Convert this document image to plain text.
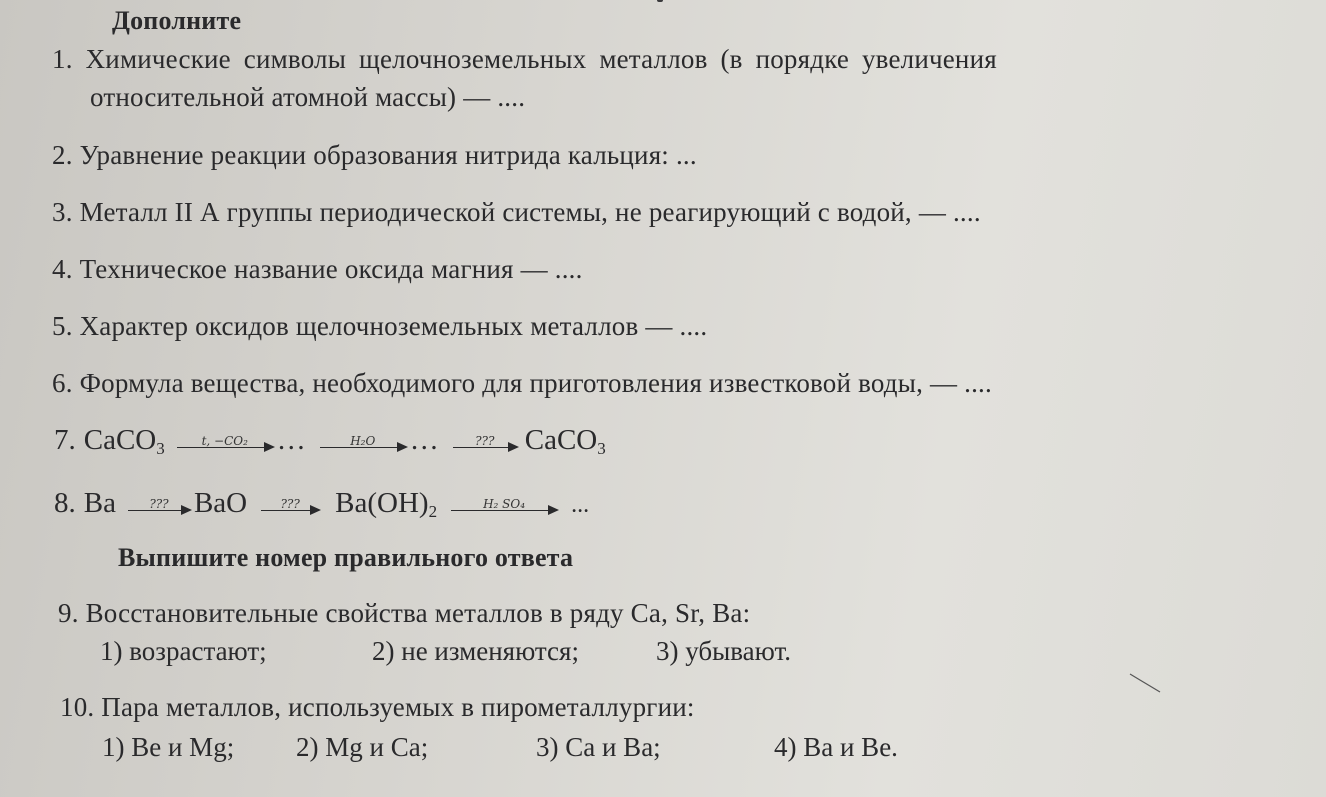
Дополните
1. Химические символы щелочноземельных металлов (в порядке увеличения
относительной атомной массы) — ....
2. Уравнение реакции образования нитрида кальция: ...
3. Металл II А группы периодической системы, не реагирующий с водой, — ....
4. Техническое название оксида магния — ....
5. Характер оксидов щелочноземельных металлов — ....
6. Формула вещества, необходимого для приготовления известковой воды, — ....
7. CaCO$_3$	t, −CO₂ …	H₂O …	??? CaCO$_3$
8. Ba	??? BaO	??? $Ba(OH)_2$	H₂ SO₄ ...
Выпишите номер правильного ответа
9. Восстановительные свойства металлов в ряду Ca, Sr, Ba:
1) возрастают;	2) не изменяются;	3) убывают.
10. Пара металлов, используемых в пирометаллургии:
1) Be и Mg; 2) Mg и Ca;	3) Ca и Ba;	4) Ba и Be.
